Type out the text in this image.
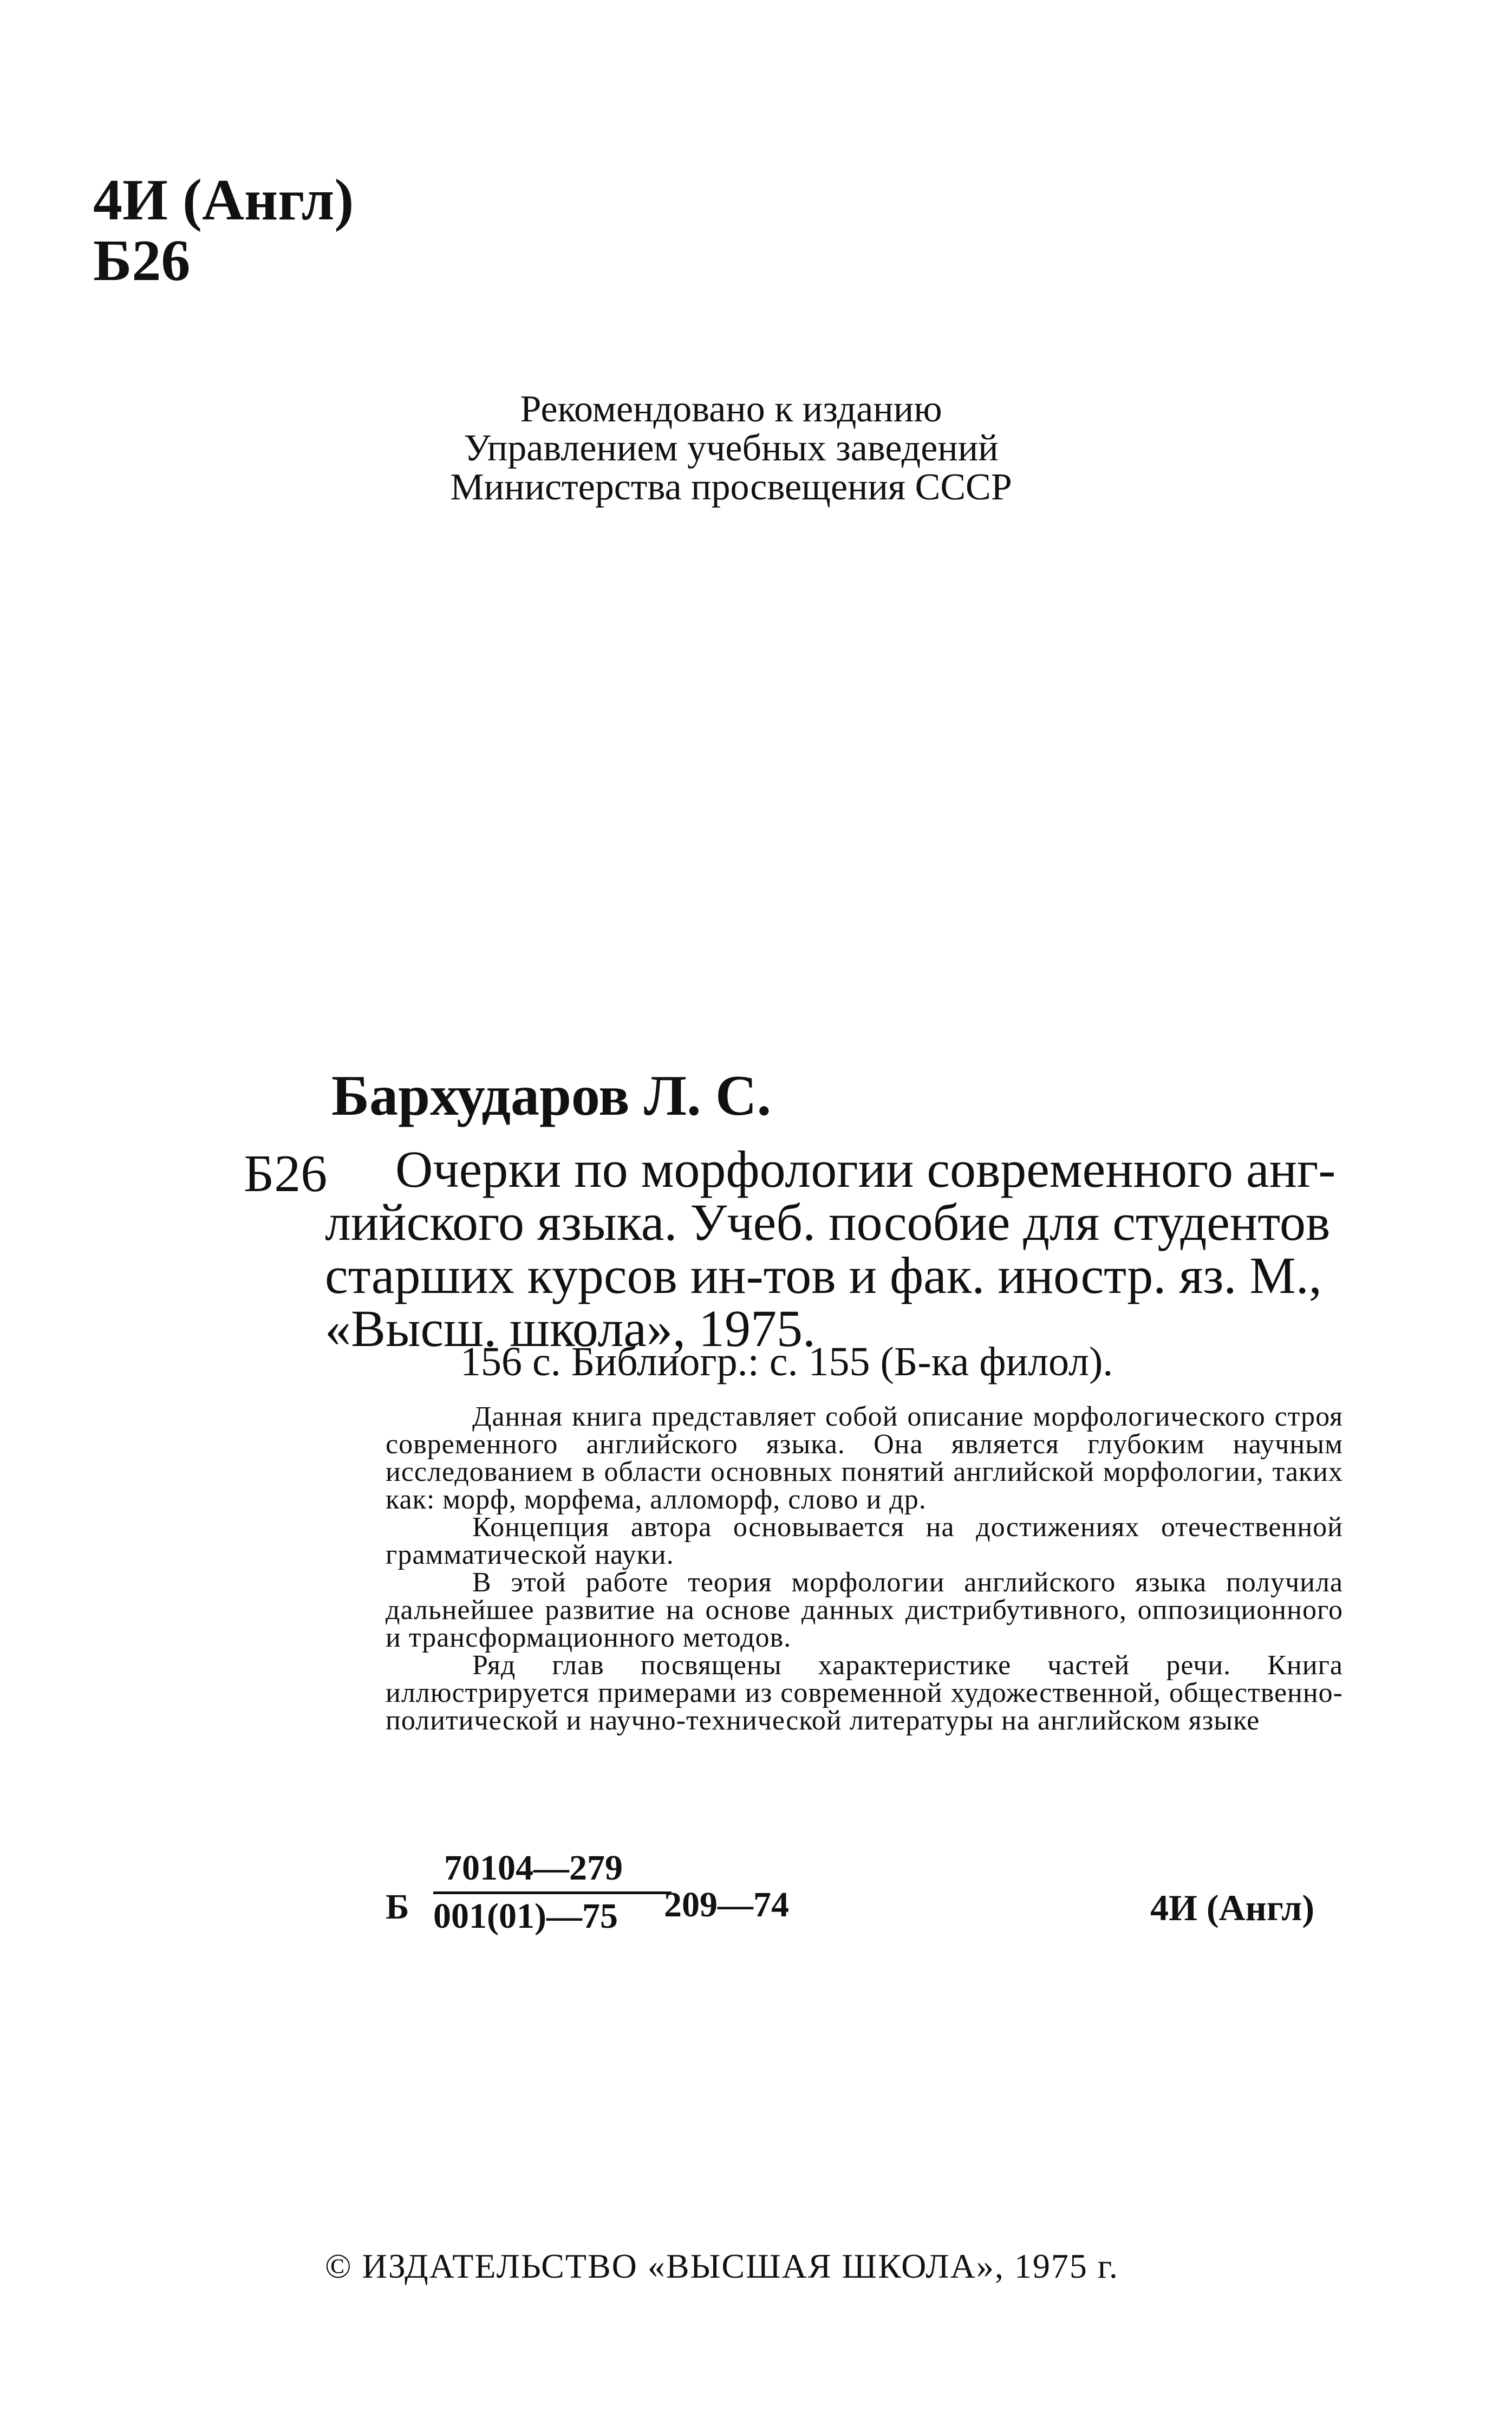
4И (Англ)
Б26
Рекомендовано к изданию
Управлением учебных заведений
Министерства просвещения СССР
Бархударов Л. С.
Б26	Очерки по морфологии современного анг-
лийского языка. Учеб. пособие для студентов
старших курсов ин-тов и фак. иностр. яз. М.,
«Высш. школа», 1975.
156 с. Библиогр.: с. 155 (Б-ка филол).

Данная книга представляет собой описание морфологического строя современного английского языка. Она является глубоким научным исследованием в области основных понятий английской морфологии, таких как: морф, морфема, алломорф, слово и др.

Концепция автора основывается на достижениях отечественной грамматической науки.

В этой работе теория морфологии английского языка получила дальнейшее развитие на основе данных дистрибутивного, оппозиционного и трансформационного методов.

Ряд глав посвящены характеристике частей речи. Книга иллюстрируется примерами из современной художественной, общественно-политической и научно-технической литературы на английском языке

Б $\frac{70104—279}{001(01)—75}$
209—74	4И (Англ)
© ИЗДАТЕЛЬСТВО «ВЫСШАЯ ШКОЛА», 1975 г.
